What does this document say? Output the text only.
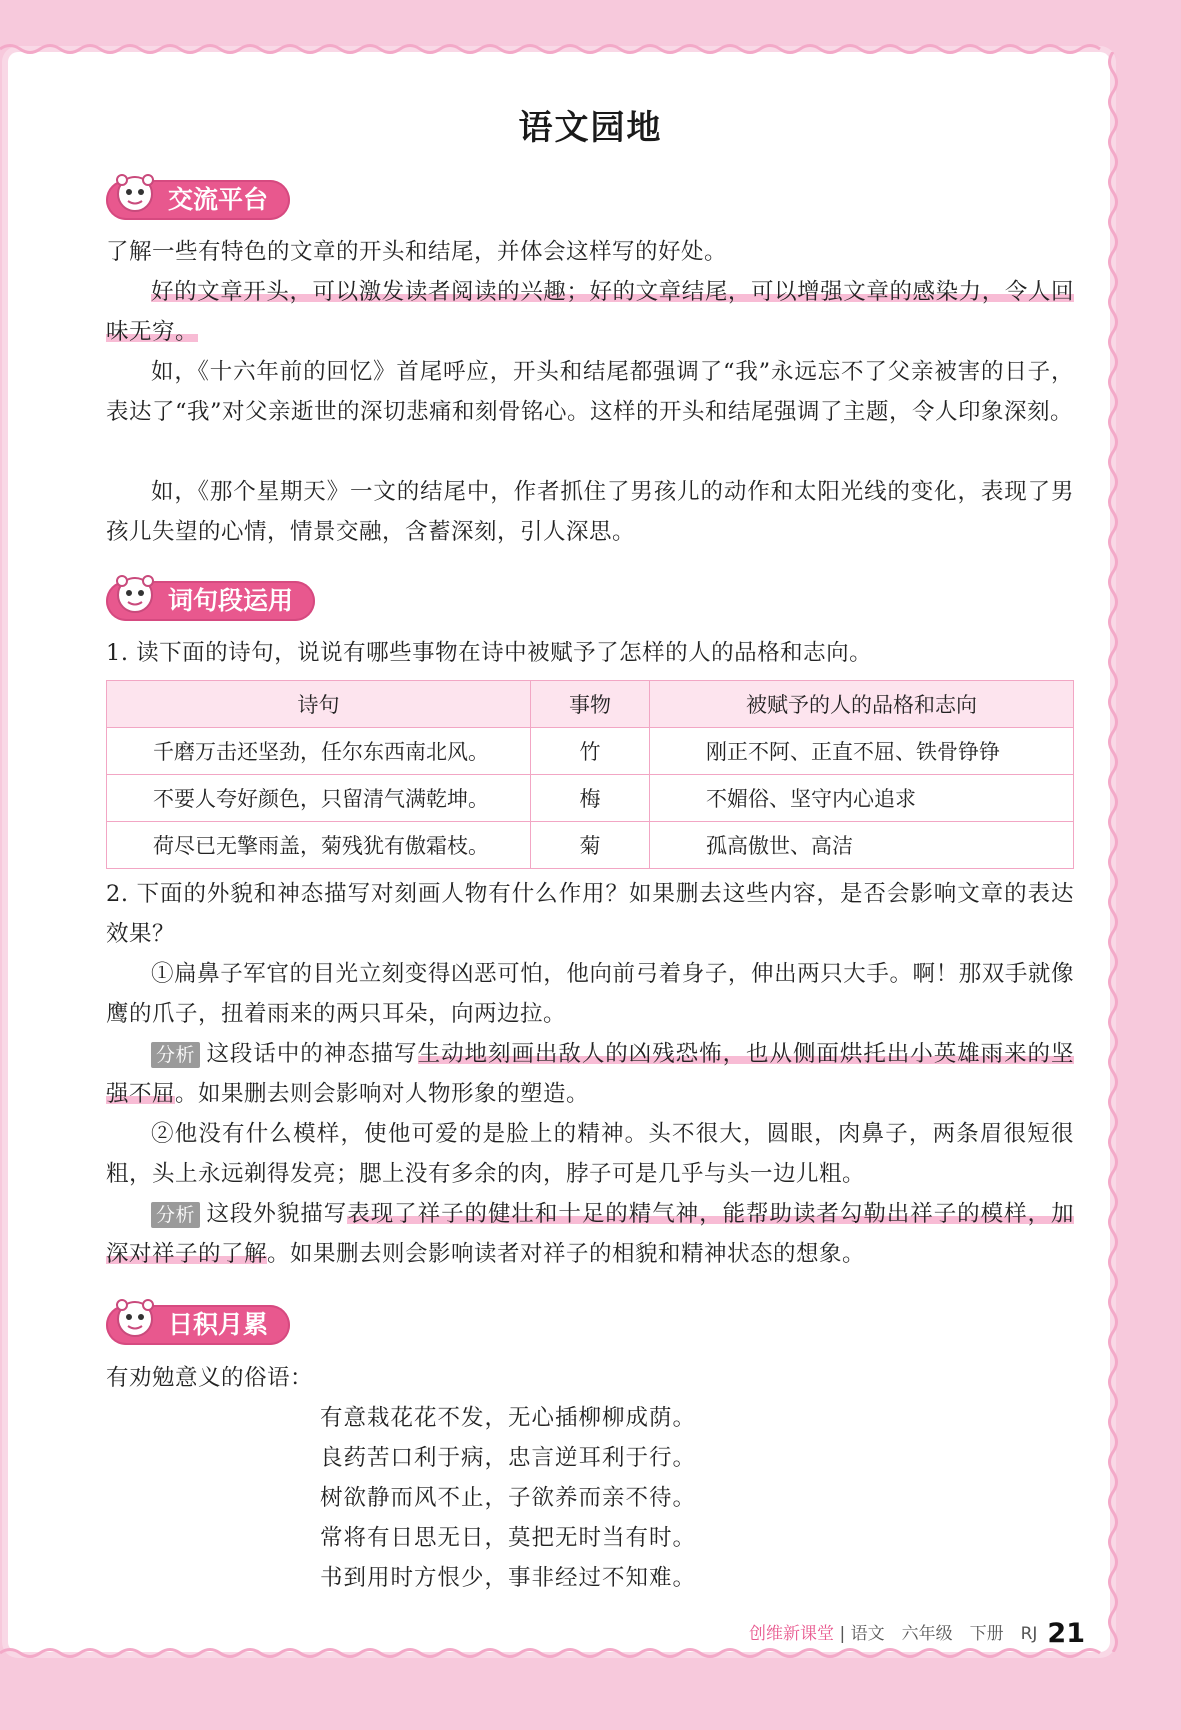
语文园地
交流平台
了解一些有特色的文章的开头和结尾，并体会这样写的好处。
好的文章开头，可以激发读者阅读的兴趣；好的文章结尾，可以增强文章的感染力，令人回味无穷。
如，《十六年前的回忆》首尾呼应，开头和结尾都强调了“我”永远忘不了父亲被害的日子，表达了“我”对父亲逝世的深切悲痛和刻骨铭心。这样的开头和结尾强调了主题，令人印象深刻。
如，《那个星期天》一文的结尾中，作者抓住了男孩儿的动作和太阳光线的变化，表现了男孩儿失望的心情，情景交融，含蓄深刻，引人深思。
词句段运用
1. 读下面的诗句，说说有哪些事物在诗中被赋予了怎样的人的品格和志向。
诗句	事物	被赋予的人的品格和志向
千磨万击还坚劲，任尔东西南北风。	竹	刚正不阿、正直不屈、铁骨铮铮
不要人夸好颜色，只留清气满乾坤。	梅	不媚俗、坚守内心追求
荷尽已无擎雨盖，菊残犹有傲霜枝。	菊	孤高傲世、高洁
2. 下面的外貌和神态描写对刻画人物有什么作用？如果删去这些内容，是否会影响文章的表达效果？
①扁鼻子军官的目光立刻变得凶恶可怕，他向前弓着身子，伸出两只大手。啊！那双手就像鹰的爪子，扭着雨来的两只耳朵，向两边拉。
分析 这段话中的神态描写生动地刻画出敌人的凶残恐怖，也从侧面烘托出小英雄雨来的坚强不屈。如果删去则会影响对人物形象的塑造。
②他没有什么模样，使他可爱的是脸上的精神。头不很大，圆眼，肉鼻子，两条眉很短很粗，头上永远剃得发亮；腮上没有多余的肉，脖子可是几乎与头一边儿粗。
分析 这段外貌描写表现了祥子的健壮和十足的精气神，能帮助读者勾勒出祥子的模样，加深对祥子的了解。如果删去则会影响读者对祥子的相貌和精神状态的想象。
日积月累
有劝勉意义的俗语：
有意栽花花不发，无心插柳柳成荫。
良药苦口利于病，忠言逆耳利于行。
树欲静而风不止，子欲养而亲不待。
常将有日思无日，莫把无时当有时。
书到用时方恨少，事非经过不知难。
创维新课堂 | 语文　六年级　下册　RJ 21
